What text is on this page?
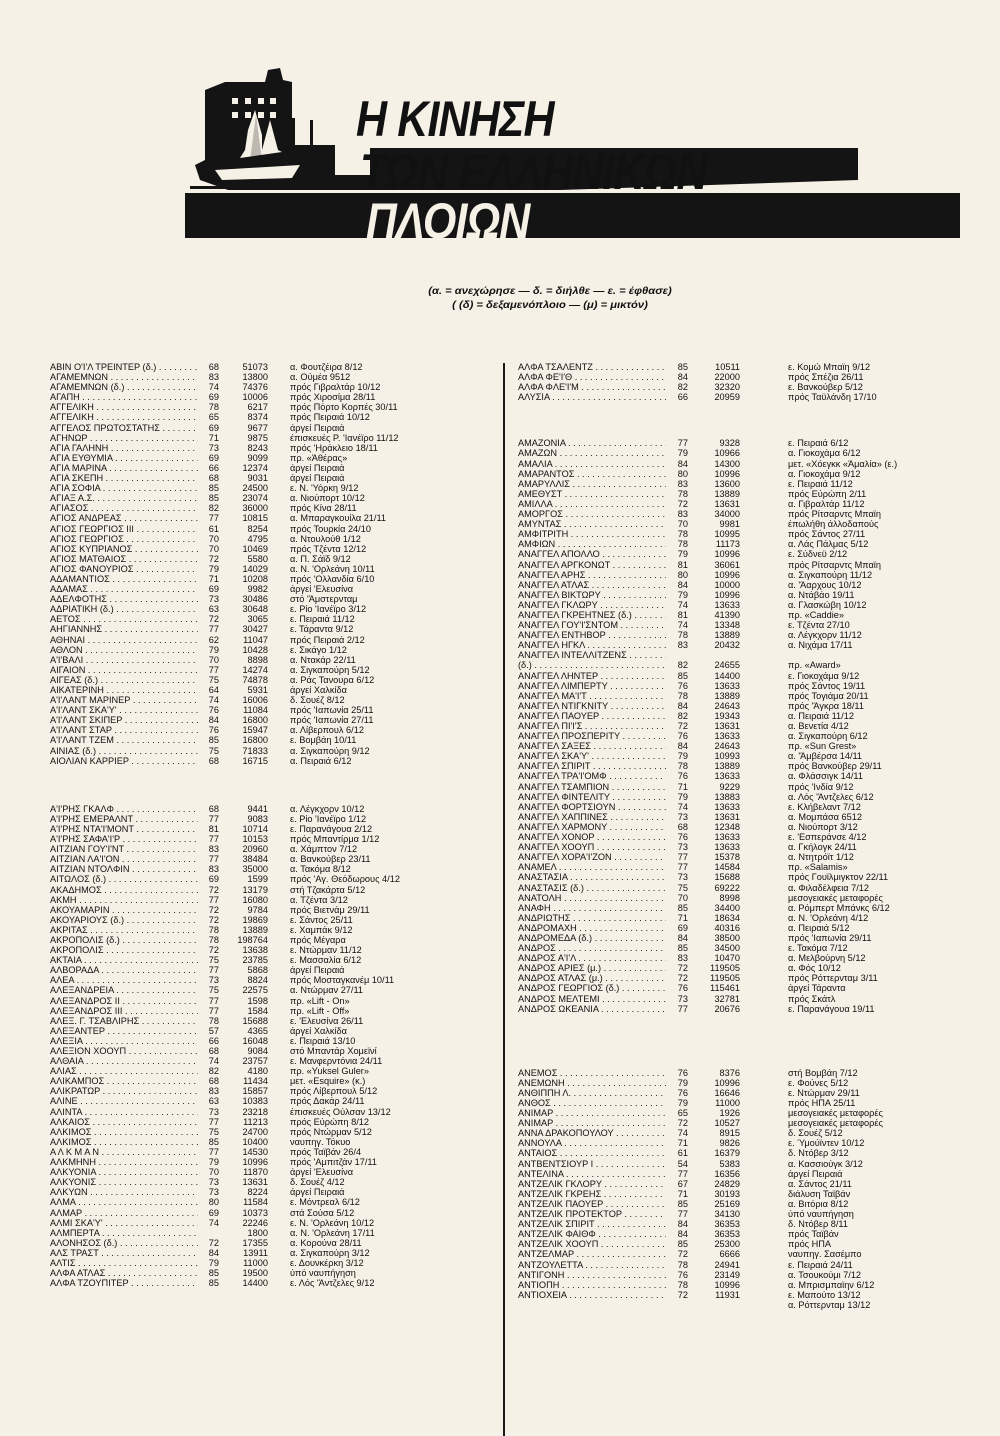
Η ΚΙΝΗΣΗ
ΤΩΝ ΕΛΛΗΝΙΚΩΝ
ΠΛΟΙΩΝ
(α. = ανεχώρησε — δ. = διήλθε — ε. = έφθασε)
( (δ) = δεξαμενόπλοιο — (μ) = μικτόν)
ΑΒΙΝ Ο'Ι'Λ ΤΡΕΙΝΤΕΡ (δ.) . . .	68	51073 α. Φουτζέιρα 8/12
ΑΓΑΜΕΜΝΩΝ . . .	83	13800 α. Ούμέα 9512
ΑΓΑΜΕΜΝΩΝ (δ.) . . .	74	74376 πρός Γιβραλτάρ 10/12
ΑΓΑΠΗ . . .	69	10006 πρός Χιροσίμα 28/11
ΑΓΓΕΛΙΚΗ . . .	78	6217 πρός Πόρτο Κορπές 30/11
ΑΓΓΕΛΙΚΗ . . .	65	8374 πρός Πειραιά 10/12
ΑΓΓΕΛΟΣ ΠΡΩΤΟΣΤΑΤΗΣ . . .	69	9677 άργεί Πειραιά
ΑΓΗΝΩΡ . . .	71	9875 έπισκευές Ρ. 'Ιανέϊρο 11/12
ΑΓΙΑ ΓΑΛΗΝΗ . . .	73	8243 πρός 'Ηράκλειο 18/11
ΑΓΙΑ ΕΥΘΥΜΙΑ . . .	69	9099 πρ. «Άθέρας»
ΑΓΙΑ ΜΑΡΙΝΑ . . .	66	12374 άργεί Πειραιά
ΑΓΙΑ ΣΚΕΠΗ . . .	68	9031 άργεί Πειραιά
ΑΓΙΑ ΣΟΦΙΑ . . .	85	24500 ε. Ν. 'Υόρκη 9/12
ΑΓΙΑΞ Α.Σ. . . .	85	23074 α. Νιούπορτ 10/12
ΑΓΙΑΣΟΣ . . .	82	36000 πρός Κίνα 28/11
ΑΓΙΟΣ ΑΝΔΡΕΑΣ . . .	77	10815 α. Μπαραγκουίλα 21/11
ΑΓΙΟΣ ΓΕΩΡΓΙΟΣ ΙΙΙ . . .	61	8254 πρός Τουρκία 24/10
ΑΓΙΟΣ ΓΕΩΡΓΙΟΣ . . .	70	4795 α. Ντουλούθ 1/12
ΑΓΙΟΣ ΚΥΠΡΙΑΝΟΣ . . .	70	10469 πρός Τζέντα 12/12
ΑΓΙΟΣ ΜΑΤΘΑΙΟΣ . . .	72	5580 α. Π. Σάϊδ 9/12
ΑΓΙΟΣ ΦΑΝΟΥΡΙΟΣ . . .	79	14029 α. Ν. 'Ορλεάνη 10/11
ΑΔΑΜΑΝΤΙΟΣ . . .	71	10208 πρός 'Ολλανδία 6/10
ΑΔΑΜΑΣ . . .	69	9982 άργεί 'Ελευσίνα
ΑΔΕΛΦΟΤΗΣ . . .	73	30486 στό 'Άμστερνταμ
ΑΔΡΙΑΤΙΚΗ (δ.) . . .	63	30648 ε. Ρίο 'Ιανέϊρο 3/12
ΑΕΤΟΣ . . .	72	3065 ε. Πειραιά 11/12
ΑΗΓΙΑΝΝΗΣ . . .	77	30427 ε. Τάραντα 9/12
ΑΘΗΝΑΙ . . .	62	11047 πρός Πειραιά 2/12
ΑΘΛΟΝ . . .	79	10428 ε. Σικάγο 1/12
Α'Ι'ΒΑΛΙ . . .	70	8898 α. Ντακάρ 22/11
ΑΙΓΑΙΟΝ . . .	77	14274 α. Σιγκαπούρη 5/12
ΑΙΓΕΑΣ (δ.) . . .	75	74878 α. Ράς Τανουρα 6/12
ΑΙΚΑΤΕΡΙΝΗ . . .	64	5931 άργεί Χαλκίδα
Α'Ι'ΛΑΝΤ ΜΑΡΙΝΕΡ . . .	74	16006 δ. Σουέζ 8/12
Α'Ι'ΛΑΝΤ ΣΚΑ'Υ' . . .	76	11084 πρός 'Ιαπωνία 25/11
Α'Ι'ΛΑΝΤ ΣΚΙΠΕΡ . . .	84	16800 πρός 'Ιαπωνία 27/11
Α'Ι'ΛΑΝΤ ΣΤΑΡ . . .	76	15947 α. Λίβερπουλ 6/12
Α'Ι'ΛΑΝΤ ΤΖΕΜ . . .	85	16800 ε. Βομβάη 10/11
ΑΙΝΙΑΣ (δ.) . . .	75	71833 α. Σιγκαπούρη 9/12
ΑΙΟΛΙΑΝ ΚΑΡΡΙΕΡ . . .	68	16715 α. Πειραιά 6/12
Α'Ι'ΡΗΣ ΓΚΑΛΦ . . .	68	9441 α. Λέγκχορν 10/12
Α'Ι'ΡΗΣ ΕΜΕΡΑΛΝΤ . . .	77	9083 ε. Ρίο 'Ιανέϊρο 1/12
Α'Ι'ΡΗΣ ΝΤΑ'Ι'ΜΟΝΤ . . .	81	10714 ε. Παρανάγουα 2/12
Α'Ι'ΡΗΣ ΣΑΦΑ'Ι'Ρ . . .	77	10153 πρός Μπαντίρμα 1/12
ΑΙΤΖΙΑΝ ΓΟΥ'Ι'ΝΤ . . .	83	20960 α. Χάμπτον 7/12
ΑΙΤΖΙΑΝ ΛΑ'Ι'ΟΝ . . .	77	38484 α. Βανκούβερ 23/11
ΑΙΤΖΙΑΝ ΝΤΟΛΦΙΝ . . .	83	35000 α. Τακόμα 8/12
ΑΙΤΩΛΟΣ (δ.) . . .	69	1599 πρός 'Αγ. Θεόδωρους 4/12
ΑΚΑΔΗΜΟΣ . . .	72	13179 στή Τζακάρτα 5/12
ΑΚΜΗ . . .	77	16080 α. Τζέντα 3/12
ΑΚΟΥΑΜΑΡΙΝ . . .	72	9784 πρός Βιετνάμ 29/11
ΑΚΟΥΑΡΙΟΥΣ (δ.) . . .	72	19869 ε. Σάντος 25/11
ΑΚΡΙΤΑΣ . . .	78	13889 ε. Χαμπάκ 9/12
ΑΚΡΟΠΟΛΙΣ (δ.) . . .	78	198764 πρός Μέγαρα
ΑΚΡΟΠΟΛΙΣ . . .	72	13638 ε. Ντώρμαν 11/12
ΑΚΤΑΙΑ . . .	75	23785 ε. Μασσαλία 6/12
ΑΛΒΟΡΑΔΑ . . .	77	5868 άργεί Πειραιά
ΑΛΕΑ . . .	73	8824 πρός Μοσταγκανέμ 10/11
ΑΛΕΞΑΝΔΡΕΙΑ . . .	75	22575 α. Ντώρμαν 27/11
ΑΛΕΞΑΝΔΡΟΣ ΙΙ . . .	77	1598 πρ. «Lift - On»
ΑΛΕΞΑΝΔΡΟΣ ΙΙΙ . . .	77	1584 πρ. «Lift - Off»
ΑΛΕΞ. Γ. ΤΣΑΒΛΙΡΗΣ . . .	78	15688 ε. 'Ελευσίνα 26/11
ΑΛΕΞΑΝΤΕΡ . . .	57	4365 άργεί Χαλκίδα
ΑΛΕΞΙΑ . . .	66	16048 ε. Πειραιά 13/10
ΑΛΕΞΙΟΝ ΧΟΟΥΠ . . .	68	9084 στό Μπαντάρ Χομεϊνί
ΑΛΘΑΙΑ . . .	74	23757 ε. Μανφερντόνια 24/11
ΑΛΙΑΣ . . .	82	4180 πρ. «Yuksel Guler»
ΑΛΙΚΑΜΠΟΣ . . .	68	11434 μετ. «Esquire» (κ.)
ΑΛΙΚΡΑΤΩΡ . . .	83	15857 πρός Λίβερπουλ 5/12
ΑΛΙΝΕ . . .	63	10383 πρός Δακάρ 24/11
ΑΛΙΝΤΑ . . .	73	23218 έπισκευές Ούλσαν 13/12
ΑΛΚΑΙΟΣ . . .	77	11213 πρός Εύρώπη 8/12
ΑΛΚΙΜΟΣ . . .	75	24700 πρός Ντώρμαν 5/12
ΑΛΚΙΜΟΣ . . .	85	10400 ναυπηγ. Τόκυο
Α Λ Κ Μ Α Ν . . .	77	14530 πρός Ταϊβάν 26/4
ΑΛΚΜΗΝΗ . . .	79	10996 πρός 'Αμπιτζάν 17/11
ΑΛΚΥΟΝΙΑ . . .	70	11870 άργεί 'Ελευσίνα
ΑΛΚΥΟΝΙΣ . . .	73	13631 δ. Σουέζ 4/12
ΑΛΚΥΩΝ . . .	73	8224 άργεί Πειραιά
ΑΛΜΑ . . .	80	11584 ε. Μόντρεαλ 6/12
ΑΛΜΑΡ . . .	69	10373 στά Σούσα 5/12
ΑΛΜΙ ΣΚΑ'Υ' . . .	74	22246 ε. Ν. 'Ορλεάνη 10/12
ΑΛΜΠΕΡΤΑ . . .	1800 α. Ν. 'Ορλεάνη 17/11
ΑΛΟΝΗΣΟΣ (δ.) . . .	72	17355 α. Κορούνα 28/11
ΑΛΣ ΤΡΑΣΤ . . .	84	13911 α. Σιγκαπούρη 3/12
ΑΛΤΙΣ . . .	79	11000 ε. Δουνκέρκη 3/12
ΑΛΦΑ ΑΤΛΑΣ . . .	85	19500 ύπό ναυπήγηση
ΑΛΦΑ ΤΖΟΥΠΙΤΕΡ . . .	85	14400 ε. Λός 'Άντζελες 9/12
ΑΛΦΑ ΤΣΑΛΕΝΤΖ . . .	85	10511	ε. Κομώ Μπαϊη 9/12
ΑΛΦΑ ΦΕ'Ι'Θ . . .	84	22000	πρός Σπέζια 26/11
ΑΛΦΑ ΦΛΕ'Ι'Μ . . .	82	32320	ε. Βανκούβερ 5/12
ΑΛΥΣΙΑ . . .	66	20959	πρός Ταϋλάνδη 17/10
ΑΜΑΖΟΝΙΑ . . .	77	9328	ε. Πειραιά 6/12
ΑΜΑΖΩΝ . . .	79	10966	α. Γιοκοχάμα 6/12
ΑΜΑΛΙΑ . . .	84	14300	μετ. «Χόεγκκ «Άμαλία» (ε.)
ΑΜΑΡΑΝΤΟΣ . . .	80	10996	α. Γιοκοχάμα 9/12
ΑΜΑΡΥΛΛΙΣ . . .	83	13600	ε. Πειραιά 11/12
ΑΜΕΘΥΣΤ . . .	78	13889	πρός Εύρώπη 2/11
ΑΜΙΛΛΑ . . .	72	13631	α. Γιβραλτάρ 11/12
ΑΜΟΡΓΟΣ . . .	83	34000	πρός Ρίτσαρντς Μπαϊη
ΑΜΥΝΤΑΣ . . .	70	9981	έπωλήθη άλλοδαπούς
ΑΜΦΙΤΡΙΤΗ . . .	78	10995	πρός Σάντος 27/11
ΑΜΦΙΩΝ . . .	78	11173	α. Λάς Πάλμας 5/12
ΑΝΑΓΓΕΛ ΑΠΟΛΛΟ . . .	79	10996	ε. Σύδνεϋ 2/12
ΑΝΑΓΓΕΛ ΑΡΓΚΟΝΩΤ . . .	81	36061	πρός Ρίτσαρντς Μπαϊη
ΑΝΑΓΓΕΛ ΑΡΗΣ . . .	80	10996	α. Σιγκαπούρη 11/12
ΑΝΑΓΓΕΛ ΑΤΛΑΣ . . .	84	10000	α. 'Άαρχους 10/12
ΑΝΑΓΓΕΛ ΒΙΚΤΩΡΥ . . .	79	10996	α. Ντάβάο 19/11
ΑΝΑΓΓΕΛ ΓΚΛΩΡΥ . . .	74	13633	α. Γλασκώβη 10/12
ΑΝΑΓΓΕΛ ΓΚΡΕΗΤΝΕΣ (δ.) . . .	81	41390	πρ. «Caddie»
ΑΝΑΓΓΕΛ ΓΟΥ'Ι'ΣΝΤΟΜ . . .	74	13348	ε. Τζέντα 27/10
ΑΝΑΓΓΕΛ ΕΝΤΗΒΟΡ . . .	78	13889	α. Λέγκχορν 11/12
ΑΝΑΓΓΕΛ ΗΓΚΛ . . .	83	20432	α. Νιχάμα 17/11
ΑΝΑΓΓΕΛ ΙΝΤΕΛΛΙΤΖΕΝΣ . . .
(δ.) . . .	82	24655	πρ. «Award»
ΑΝΑΓΓΕΛ ΛΗΝΤΕΡ . . .	85	14400	ε. Γιοκοχάμα 9/12
ΑΝΑΓΓΕΛ ΛΙΜΠΕΡΤΥ . . .	76	13633	πρός Σάντος 19/11
ΑΝΑΓΓΕΛ ΜΑ'Ι'Τ . . .	78	13889	πρός Τογιάμα 20/11
ΑΝΑΓΓΕΛ ΝΤΙΓΚΝΙΤΥ . . .	84	24643	πρός 'Άγκρα 18/11
ΑΝΑΓΓΕΛ ΠΑΟΥΕΡ . . .	82	19343	α. Πειραιά 11/12
ΑΝΑΓΓΕΛ ΠΙ'Ι'Σ . . .	72	13631	α. Βενετία 4/12
ΑΝΑΓΓΕΛ ΠΡΟΣΠΕΡΙΤΥ . . .	76	13633	α. Σιγκαπούρη 6/12
ΑΝΑΓΓΕΛ ΣΑΞΕΣ . . .	84	24643	πρ. «Sun Grest»
ΑΝΑΓΓΕΛ ΣΚΑ'Υ' . . .	79	10993	α. 'Άμβέρσα 14/11
ΑΝΑΓΓΕΛ ΣΠΙΡΙΤ . . .	78	13889	πρός Βανκούβερ 29/11
ΑΝΑΓΓΕΛ ΤΡΑ'Ι'ΟΜΦ . . .	76	13633	α. Φλάσσιγκ 14/11
ΑΝΑΓΓΕΛ ΤΣΑΜΠΙΟΝ . . .	71	9229	πρός 'Ινδία 9/12
ΑΝΑΓΓΕΛ ΦΙΝΤΕΛΙΤΥ . . .	79	13883	α. Λός 'Άντζελες 6/12
ΑΝΑΓΓΕΛ ΦΟΡΤΣΙΟΥΝ . . .	74	13633	ε. Κλήβελαντ 7/12
ΑΝΑΓΓΕΛ ΧΑΠΠΙΝΕΣ . . .	73	13631	α. Μομπάσα 6512
ΑΝΑΓΓΕΛ ΧΑΡΜΟΝΥ . . .	68	12348	α. Νιούπορτ 3/12
ΑΝΑΓΓΕΛ ΧΟΝΟΡ . . .	76	13633	ε. 'Εσπεράνσε 4/12
ΑΝΑΓΓΕΛ ΧΟΟΥΠ . . .	73	13633	α. Γκήλογκ 24/11
ΑΝΑΓΓΕΛ ΧΟΡΑ'Ι'ΖΟΝ . . .	77	15378	α. Ντητρόϊτ 1/12
ΑΝΑΜΕΛ . . .	77	14584	πρ. «Salamis»
ΑΝΑΣΤΑΣΙΑ . . .	73	15688	πρός Γουϊλμιγκτον 22/11
ΑΝΑΣΤΑΣΙΣ (δ.) . . .	75	69222	α. Φιλαδέλφεια 7/12
ΑΝΑΤΟΛΗ . . .	70	8998	μεσογειακές μεταφορές
ΑΝΑΦΗ . . .	85	34400	α. Ρόμπερτ Μπάνκς 6/12
ΑΝΔΡΙΩΤΗΣ . . .	71	18634	α. Ν. 'Ορλεάνη 4/12
ΑΝΔΡΟΜΑΧΗ . . .	69	40316	α. Πειραιά 5/12
ΑΝΔΡΟΜΕΔΑ (δ.) . . .	84	38500	πρός 'Ιαπωνία 29/11
ΑΝΔΡΟΣ . . .	85	34500	ε. Τακόμα 7/12
ΑΝΔΡΟΣ Α'Ι'Λ . . .	83	10470	α. Μελβούρνη 5/12
ΑΝΔΡΟΣ ΑΡΙΕΣ (μ.) . . .	72	119505	α. Φός 10/12
ΑΝΔΡΟΣ ΑΤΛΑΣ (μ.) . . .	72	119505	πρός Ρόττερνταμ 3/11
ΑΝΔΡΟΣ ΓΕΩΡΓΙΟΣ (δ.) . . .	76	115461	άργεί Τάραντα
ΑΝΔΡΟΣ ΜΕΛΤΕΜΙ . . .	73	32781	πρός Σκάτλ
ΑΝΔΡΟΣ ΩΚΕΑΝΙΑ . . .	77	20676	ε. Παρανάγουα 19/11
ΑΝΕΜΟΣ . . .	76	8376	στή Βομβάη 7/12
ΑΝΕΜΩΝΗ . . .	79	10996	ε. Φούνες 5/12
ΑΝΘΙΠΠΗ Λ. . . .	76	16646	ε. Ντώρμαν 29/11
ΑΝΘΟΣ . . .	79	11000	πρός ΗΠΑ 25/11
ΑΝΙΜΑΡ . . .	65	1926	μεσογειακές μεταφορές
ΑΝΙΜΑΡ . . .	72	10527	μεσογειακές μεταφορές
ΑΝΝΑ ΔΡΑΚΟΠΟΥΛΟΥ . . .	74	8915	δ. Σουέζ 5/12
ΑΝΝΟΥΛΑ . . .	71	9826	ε. Ύμούϊντεν 10/12
ΑΝΤΑΙΟΣ . . .	61	16379	δ. Ντόβερ 3/12
ΑΝΤΒΕΝΤΣΙΟΥΡ Ι . . .	54	5383	α. Κασσιούγκ 3/12
ΑΝΤΕΛΙΝΑ . . .	77	16356	άργεί Πειραιά
ΑΝΤΖΕΛΙΚ ΓΚΛΟΡΥ . . .	67	24829	α. Σάντος 21/11
ΑΝΤΖΕΛΙΚ ΓΚΡΕΗΣ . . .	71	30193	διάλυση Ταϊβάν
ΑΝΤΖΕΛΙΚ ΠΑΟΥΕΡ . . .	85	25169	α. Βιτόρια 8/12
ΑΝΤΖΕΛΙΚ ΠΡΟΤΕΚΤΟΡ . . .	77	34130	ύπό ναυπήγηση
ΑΝΤΖΕΛΙΚ ΣΠΙΡΙΤ . . .	84	36353	δ. Ντόβερ 8/11
ΑΝΤΖΕΛΙΚ ΦΑΙΘΦ . . .	84	36353	πρός Ταϊβάν
ΑΝΤΖΕΛΙΚ ΧΟΟΥΠ . . .	85	25300	πρός ΗΠΑ
ΑΝΤΖΕΛΜΑΡ . . .	72	6666	ναυπηγ. Σασέμπο
ΑΝΤΖΟΥΛΕΤΤΑ . . .	78	24941	ε. Πειραιά 24/11
ΑΝΤΙΓΟΝΗ . . .	76	23149	α. Τσουκούμι 7/12
ΑΝΤΙΟΠΗ . . .	78	10996	α. Μπρισμπαϊην 6/12
ΑΝΤΙΟΧΕΙΑ . . .	72	11931	ε. Μαπούτο 13/12
α. Ρόττερνταμ 13/12
